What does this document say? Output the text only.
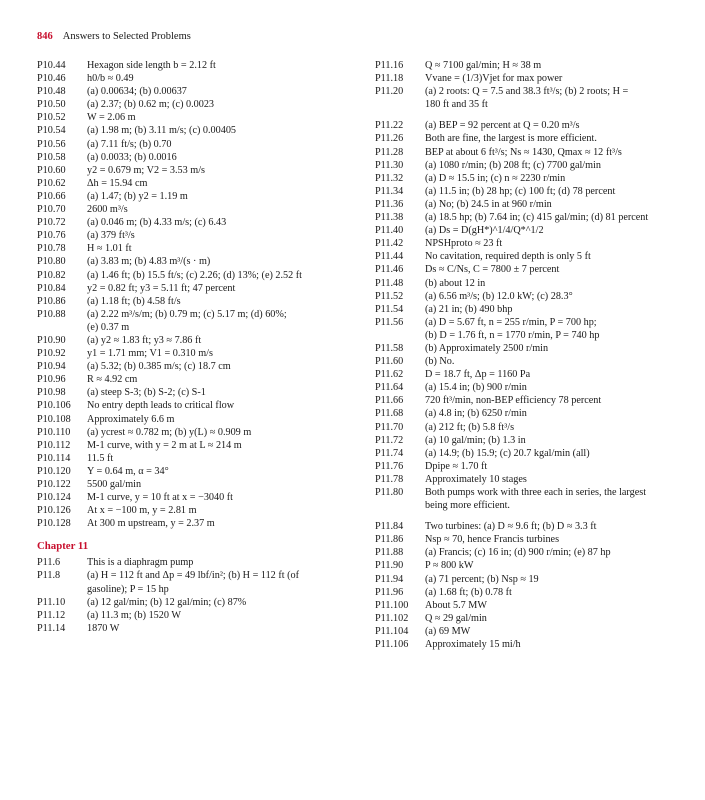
846 Answers to Selected Problems
P10.44	Hexagon side length b = 2.12 ft
P10.46	h0/b ≈ 0.49
P10.48	(a) 0.00634; (b) 0.00637
P10.50	(a) 2.37; (b) 0.62 m; (c) 0.0023
P10.52	W = 2.06 m
P10.54	(a) 1.98 m; (b) 3.11 m/s; (c) 0.00405
P10.56	(a) 7.11 ft/s; (b) 0.70
P10.58	(a) 0.0033; (b) 0.0016
P10.60	y2 = 0.679 m; V2 = 3.53 m/s
P10.62	Δh = 15.94 cm
P10.66	(a) 1.47; (b) y2 = 1.19 m
P10.70	2600 m³/s
P10.72	(a) 0.046 m; (b) 4.33 m/s; (c) 6.43
P10.76	(a) 379 ft³/s
P10.78	H ≈ 1.01 ft
P10.80	(a) 3.83 m; (b) 4.83 m³/(s · m)
P10.82	(a) 1.46 ft; (b) 15.5 ft/s; (c) 2.26; (d) 13%; (e) 2.52 ft
P10.84	y2 = 0.82 ft; y3 = 5.11 ft; 47 percent
P10.86	(a) 1.18 ft; (b) 4.58 ft/s
P10.88	(a) 2.22 m³/s/m; (b) 0.79 m; (c) 5.17 m; (d) 60%;
(e) 0.37 m
P10.90	(a) y2 ≈ 1.83 ft; y3 ≈ 7.86 ft
P10.92	y1 = 1.71 mm; V1 = 0.310 m/s
P10.94	(a) 5.32; (b) 0.385 m/s; (c) 18.7 cm
P10.96	R ≈ 4.92 cm
P10.98	(a) steep S-3; (b) S-2; (c) S-1
P10.106	No entry depth leads to critical flow
P10.108	Approximately 6.6 m
P10.110	(a) ycrest ≈ 0.782 m; (b) y(L) ≈ 0.909 m
P10.112	M-1 curve, with y = 2 m at L ≈ 214 m
P10.114	11.5 ft
P10.120	Y = 0.64 m, α = 34°
P10.122	5500 gal/min
P10.124	M-1 curve, y = 10 ft at x = −3040 ft
P10.126	At x = −100 m, y = 2.81 m
P10.128	At 300 m upstream, y = 2.37 m
Chapter 11
P11.6	This is a diaphragm pump
P11.8	(a) H = 112 ft and Δp = 49 lbf/in²; (b) H = 112 ft (of
gasoline); P = 15 hp
P11.10	(a) 12 gal/min; (b) 12 gal/min; (c) 87%
P11.12	(a) 11.3 m; (b) 1520 W
P11.14	1870 W
P11.16	Q ≈ 7100 gal/min; H ≈ 38 m
P11.18	Vvane = (1/3)Vjet for max power
P11.20	(a) 2 roots: Q = 7.5 and 38.3 ft³/s; (b) 2 roots; H =
180 ft and 35 ft
P11.22	(a) BEP = 92 percent at Q = 0.20 m³/s
P11.26	Both are fine, the largest is more efficient.
P11.28	BEP at about 6 ft³/s; Ns ≈ 1430, Qmax ≈ 12 ft³/s
P11.30	(a) 1080 r/min; (b) 208 ft; (c) 7700 gal/min
P11.32	(a) D ≈ 15.5 in; (c) n ≈ 2230 r/min
P11.34	(a) 11.5 in; (b) 28 hp; (c) 100 ft; (d) 78 percent
P11.36	(a) No; (b) 24.5 in at 960 r/min
P11.38	(a) 18.5 hp; (b) 7.64 in; (c) 415 gal/min; (d) 81 percent
P11.40	(a) Ds = D(gH*)^1/4/Q*^1/2
P11.42	NPSHproto ≈ 23 ft
P11.44	No cavitation, required depth is only 5 ft
P11.46	Ds ≈ C/Ns, C = 7800 ± 7 percent
P11.48	(b) about 12 in
P11.52	(a) 6.56 m³/s; (b) 12.0 kW; (c) 28.3°
P11.54	(a) 21 in; (b) 490 bhp
P11.56	(a) D = 5.67 ft, n = 255 r/min, P = 700 hp;
(b) D = 1.76 ft, n = 1770 r/min, P = 740 hp
P11.58	(b) Approximately 2500 r/min
P11.60	(b) No.
P11.62	D = 18.7 ft, Δp = 1160 Pa
P11.64	(a) 15.4 in; (b) 900 r/min
P11.66	720 ft³/min, non-BEP efficiency 78 percent
P11.68	(a) 4.8 in; (b) 6250 r/min
P11.70	(a) 212 ft; (b) 5.8 ft³/s
P11.72	(a) 10 gal/min; (b) 1.3 in
P11.74	(a) 14.9; (b) 15.9; (c) 20.7 kgal/min (all)
P11.76	Dpipe ≈ 1.70 ft
P11.78	Approximately 10 stages
P11.80	Both pumps work with three each in series, the largest
being more efficient.
P11.84	Two turbines: (a) D ≈ 9.6 ft; (b) D ≈ 3.3 ft
P11.86	Nsp ≈ 70, hence Francis turbines
P11.88	(a) Francis; (c) 16 in; (d) 900 r/min; (e) 87 hp
P11.90	P ≈ 800 kW
P11.94	(a) 71 percent; (b) Nsp ≈ 19
P11.96	(a) 1.68 ft; (b) 0.78 ft
P11.100	About 5.7 MW
P11.102	Q ≈ 29 gal/min
P11.104	(a) 69 MW
P11.106	Approximately 15 mi/h
